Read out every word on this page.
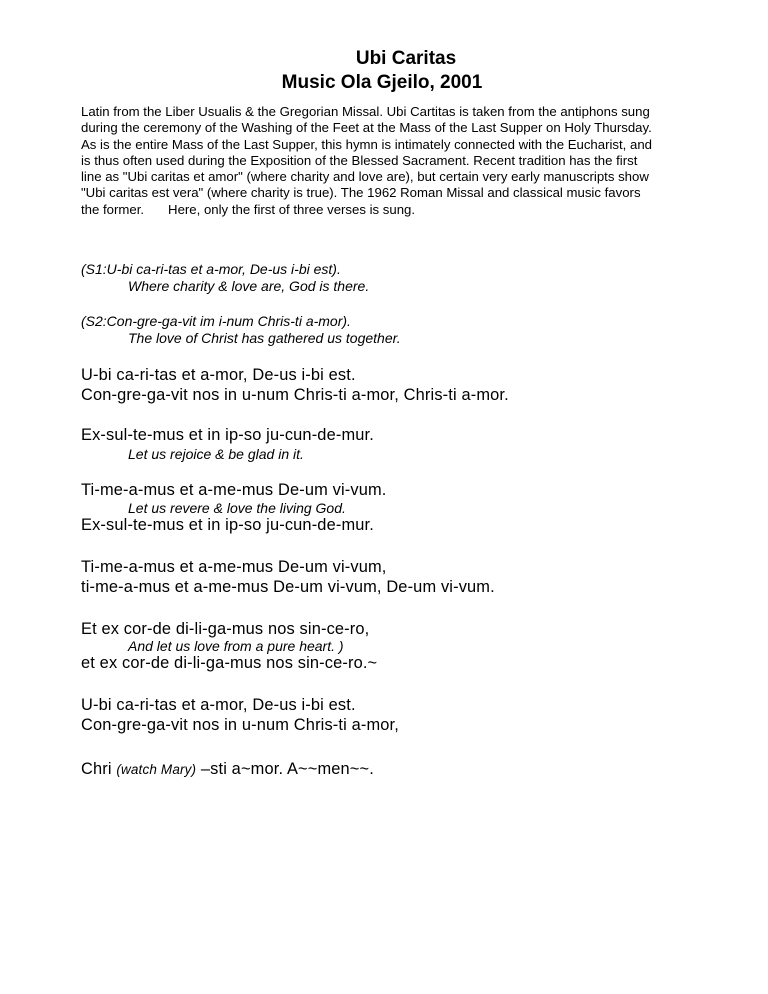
Ubi Caritas
Music Ola Gjeilo, 2001
Latin from the Liber Usualis & the Gregorian Missal. Ubi Cartitas is taken from the antiphons sung
during the ceremony of the Washing of the Feet at the Mass of the Last Supper on Holy Thursday.
As is the entire Mass of the Last Supper, this hymn is intimately connected with the Eucharist, and
is thus often used during the Exposition of the Blessed Sacrament. Recent tradition has the first
line as "Ubi caritas et amor" (where charity and love are), but certain very early manuscripts show
"Ubi caritas est vera" (where charity is true). The 1962 Roman Missal and classical music favors
the former. Here, only the first of three verses is sung.

(S1:U-bi ca-ri-tas et a-mor, De-us i-bi est).

Where charity & love are, God is there.

(S2:Con-gre-ga-vit im i-num Chris-ti a-mor).

The love of Christ has gathered us together.

U-bi ca-ri-tas et a-mor, De-us i-bi est.

Con-gre-ga-vit nos in u-num Chris-ti a-mor, Chris-ti a-mor.

Ex-sul-te-mus et in ip-so ju-cun-de-mur.

Let us rejoice & be glad in it.

Ti-me-a-mus et a-me-mus De-um vi-vum.

Let us revere & love the living God.

Ex-sul-te-mus et in ip-so ju-cun-de-mur.

Ti-me-a-mus et a-me-mus De-um vi-vum,

ti-me-a-mus et a-me-mus De-um vi-vum, De-um vi-vum.

Et ex cor-de di-li-ga-mus nos sin-ce-ro,

And let us love from a pure heart. )

et ex cor-de di-li-ga-mus nos sin-ce-ro.~

U-bi ca-ri-tas et a-mor, De-us i-bi est.

Con-gre-ga-vit nos in u-num Chris-ti a-mor,

Chri (watch Mary) –sti a~mor. A~~men~~.
